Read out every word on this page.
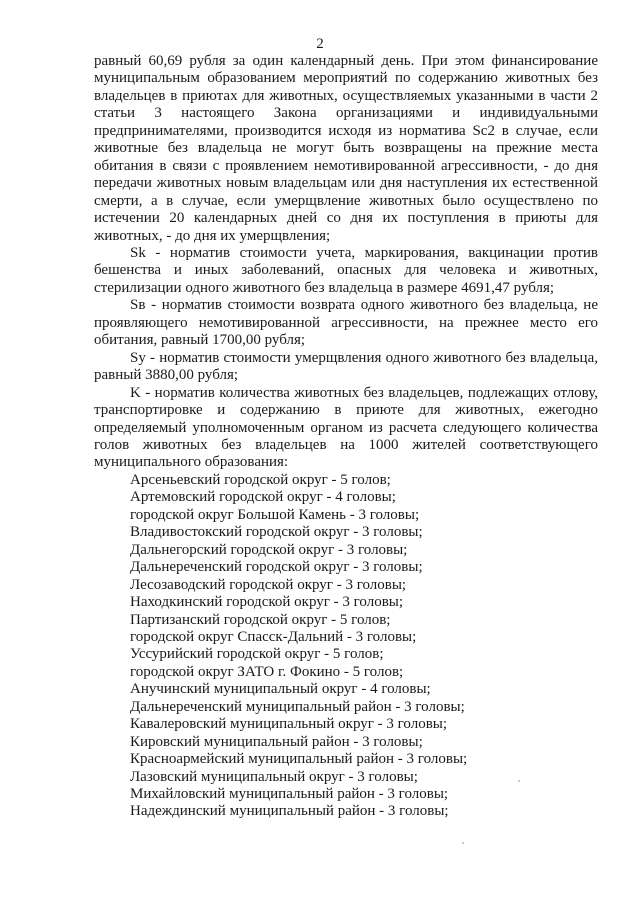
2

равный 60,69 рубля за один календарный день. При этом финансирование муниципальным образованием мероприятий по содержанию животных без владельцев в приютах для животных, осуществляемых указанными в части 2 статьи 3 настоящего Закона организациями и индивидуальными предпринимателями, производится исходя из норматива Sc2 в случае, если животные без владельца не могут быть возвращены на прежние места обитания в связи с проявлением немотивированной агрессивности, - до дня передачи животных новым владельцам или дня наступления их естественной смерти, а в случае, если умерщвление животных было осуществлено по истечении 20 календарных дней со дня их поступления в приюты для животных, - до дня их умерщвления;

Sk - норматив стоимости учета, маркирования, вакцинации против бешенства и иных заболеваний, опасных для человека и животных, стерилизации одного животного без владельца в размере 4691,47 рубля;

Sв - норматив стоимости возврата одного животного без владельца, не проявляющего немотивированной агрессивности, на прежнее место его обитания, равный 1700,00 рубля;

Sy - норматив стоимости умерщвления одного животного без владельца, равный 3880,00 рубля;

K - норматив количества животных без владельцев, подлежащих отлову, транспортировке и содержанию в приюте для животных, ежегодно определяемый уполномоченным органом из расчета следующего количества голов животных без владельцев на 1000 жителей соответствующего муниципального образования:

Арсеньевский городской округ - 5 голов;
Артемовский городской округ - 4 головы;
городской округ Большой Камень - 3 головы;
Владивостокский городской округ - 3 головы;
Дальнегорский городской округ - 3 головы;
Дальнереченский городской округ - 3 головы;
Лесозаводский городской округ - 3 головы;
Находкинский городской округ - 3 головы;
Партизанский городской округ - 5 голов;
городской округ Спасск-Дальний - 3 головы;
Уссурийский городской округ - 5 голов;
городской округ ЗАТО г. Фокино - 5 голов;
Анучинский муниципальный округ - 4 головы;
Дальнереченский муниципальный район - 3 головы;
Кавалеровский муниципальный округ - 3 головы;
Кировский муниципальный район - 3 головы;
Красноармейский муниципальный район - 3 головы;
Лазовский муниципальный округ - 3 головы;
Михайловский муниципальный район - 3 головы;
Надеждинский муниципальный район - 3 головы;
